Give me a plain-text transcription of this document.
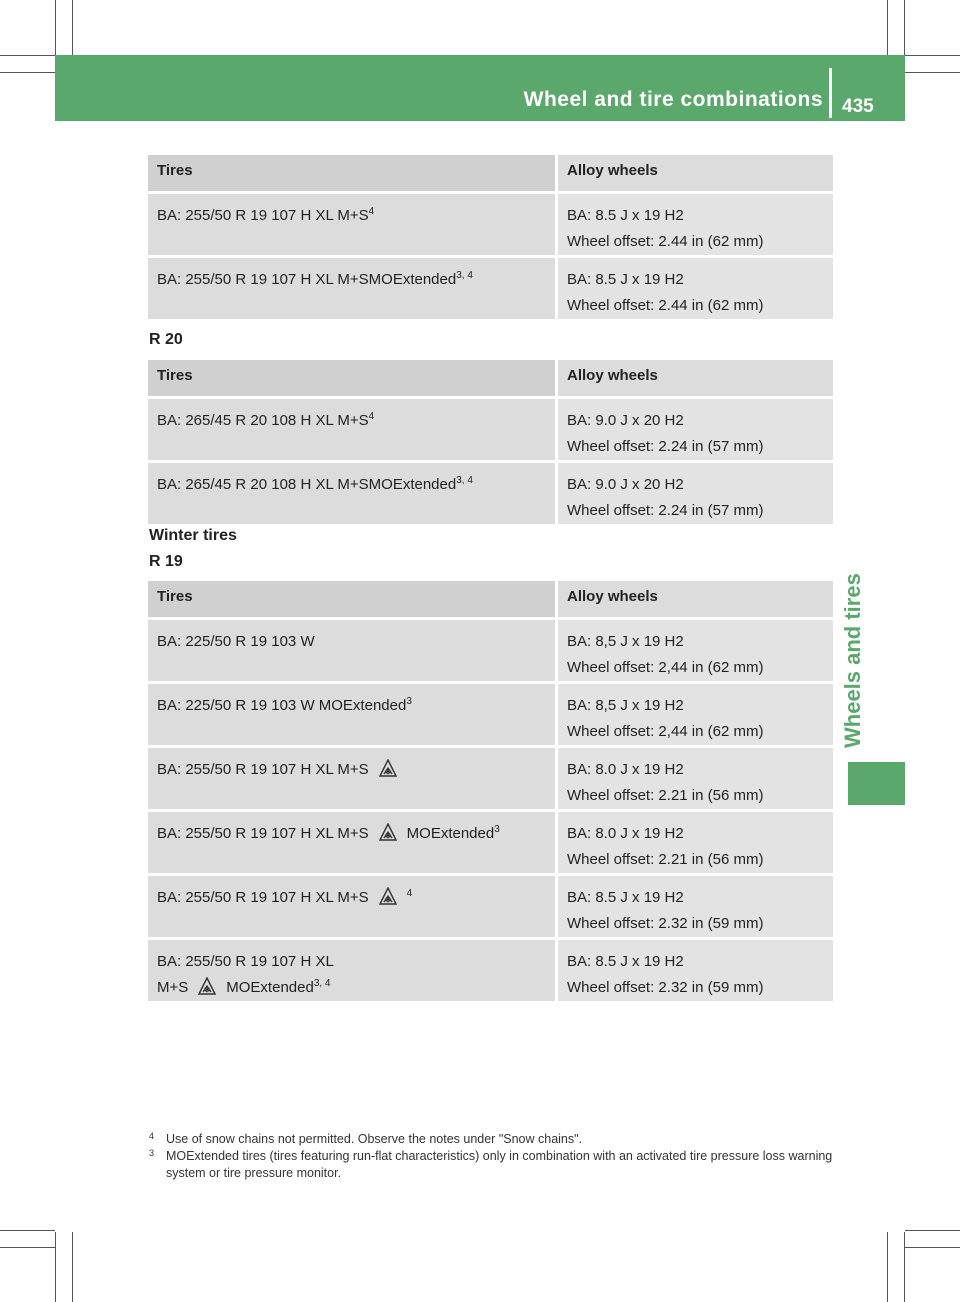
Wheel and tire combinations 435
Wheels and tires
Tires	Alloy wheels
BA: 255/50 R 19 107 H XL $M+S^4$	BA: 8.5 J x 19 H2
Wheel offset: 2.44 in (62 mm)

BA: 255/50 R 19 107 H XL M+SMOExtended$^{3, 4}$	BA: 8.5 J x 19 H2
Wheel offset: 2.44 in (62 mm)
R 20
Tires	Alloy wheels
BA: 265/45 R 20 108 H XL $M+S^4$	BA: 9.0 J x 20 H2
Wheel offset: 2.24 in (57 mm)

BA: 265/45 R 20 108 H XL M+SMOExtended$^{3, 4}$	BA: 9.0 J x 20 H2
Wheel offset: 2.24 in (57 mm)
Winter tires
R 19
Tires	Alloy wheels
BA: 225/50 R 19 103 W	BA: 8,5 J x 19 H2
Wheel offset: 2,44 in (62 mm)

BA: 225/50 R 19 103 W MOExtended$^3$	BA: 8,5 J x 19 H2
Wheel offset: 2,44 in (62 mm)

BA: 255/50 R 19 107 H XL M+S	BA: 8.0 J x 19 H2
Wheel offset: 2.21 in (56 mm)

BA: 255/50 R 19 107 H XL M+S MOExtended$^3$	BA: 8.0 J x 19 H2
Wheel offset: 2.21 in (56 mm)

BA: 255/50 R 19 107 H XL M+S $^4$	BA: 8.5 J x 19 H2
Wheel offset: 2.32 in (59 mm)

BA: 255/50 R 19 107 H XL
M+S MOExtended$^{3, 4}$	BA: 8.5 J x 19 H2
Wheel offset: 2.32 in (59 mm)
4 Use of snow chains not permitted. Observe the notes under "Snow chains".
3 MOExtended tires (tires featuring run-flat characteristics) only in combination with an activated tire pressure loss warning system or tire pressure monitor.
